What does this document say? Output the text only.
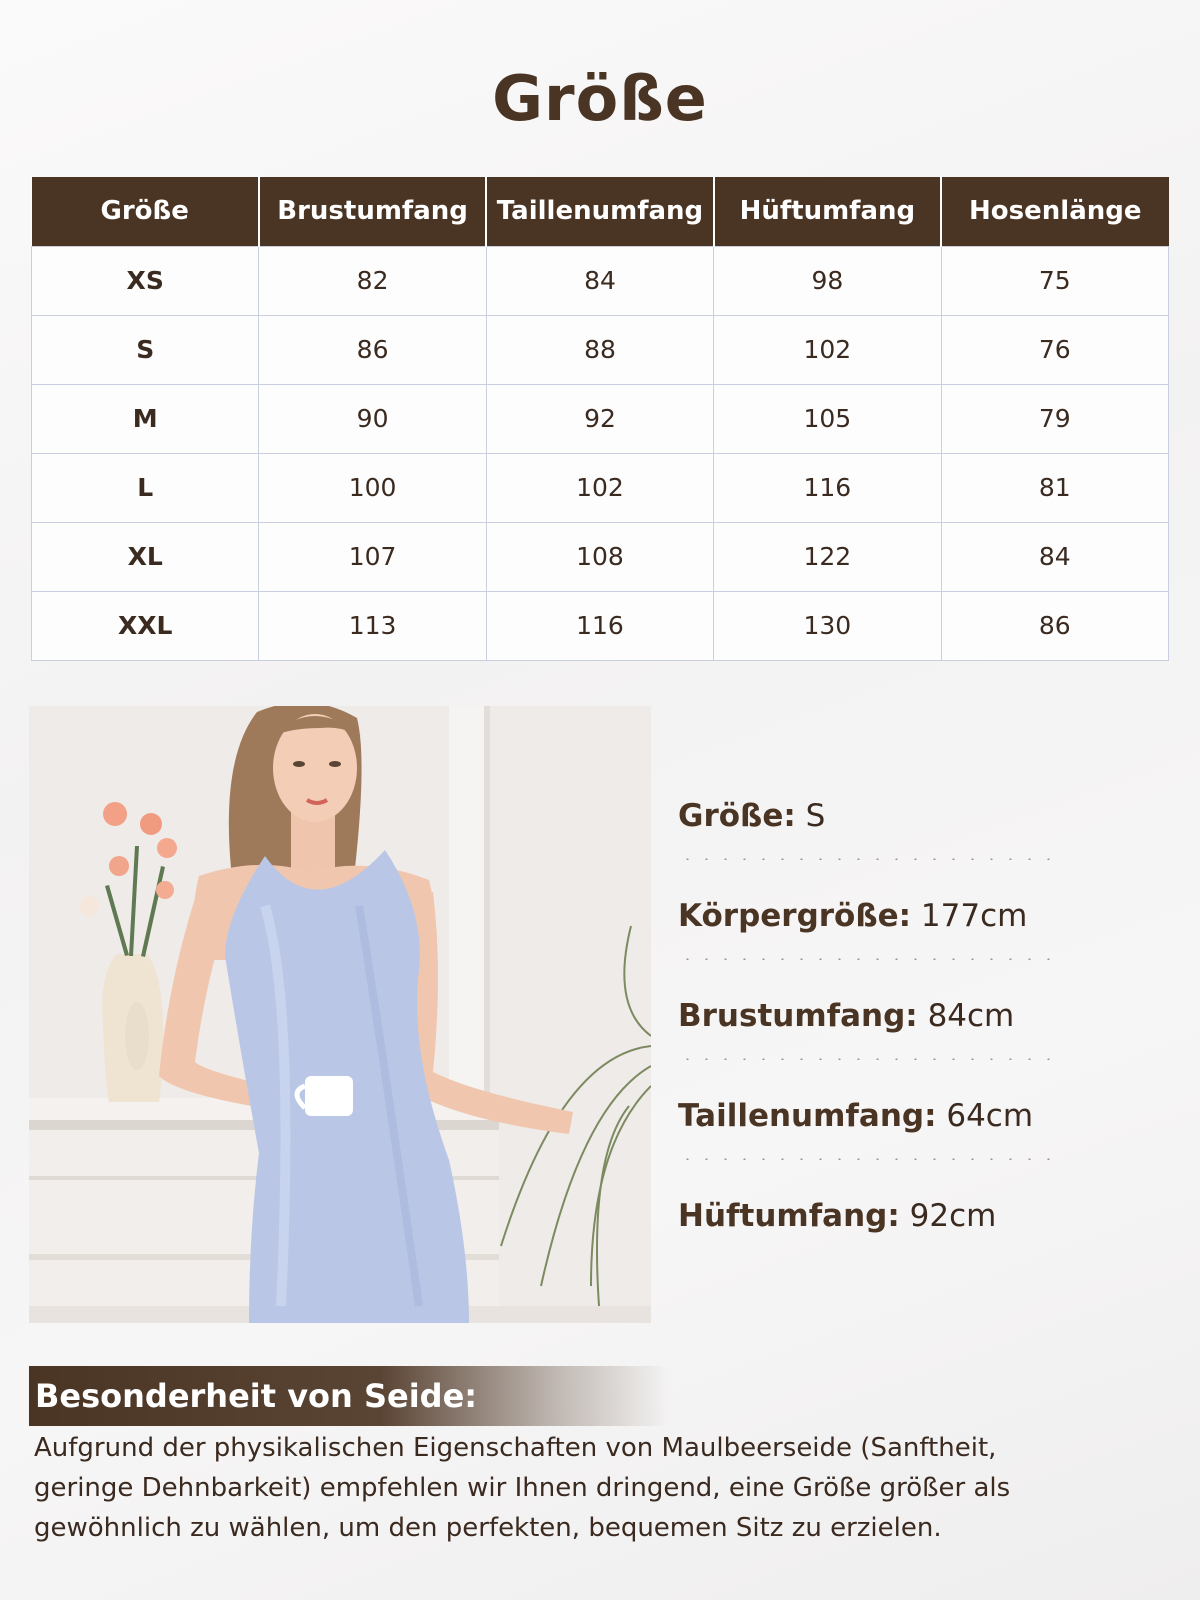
Größe
Größe	Brustumfang	Taillenumfang	Hüftumfang	Hosenlänge
XS	82	84	98	75
S	86	88	102	76
M	90	92	105	79
L	100	102	116	81
XL	107	108	122	84
XXL	113	116	130	86
Größe: S
Körpergröße: 177cm
Brustumfang: 84cm
Taillenumfang: 64cm
Hüftumfang: 92cm
Besonderheit von Seide:
Aufgrund der physikalischen Eigenschaften von Maulbeerseide (Sanftheit,
geringe Dehnbarkeit) empfehlen wir Ihnen dringend, eine Größe größer als
gewöhnlich zu wählen, um den perfekten, bequemen Sitz zu erzielen.
